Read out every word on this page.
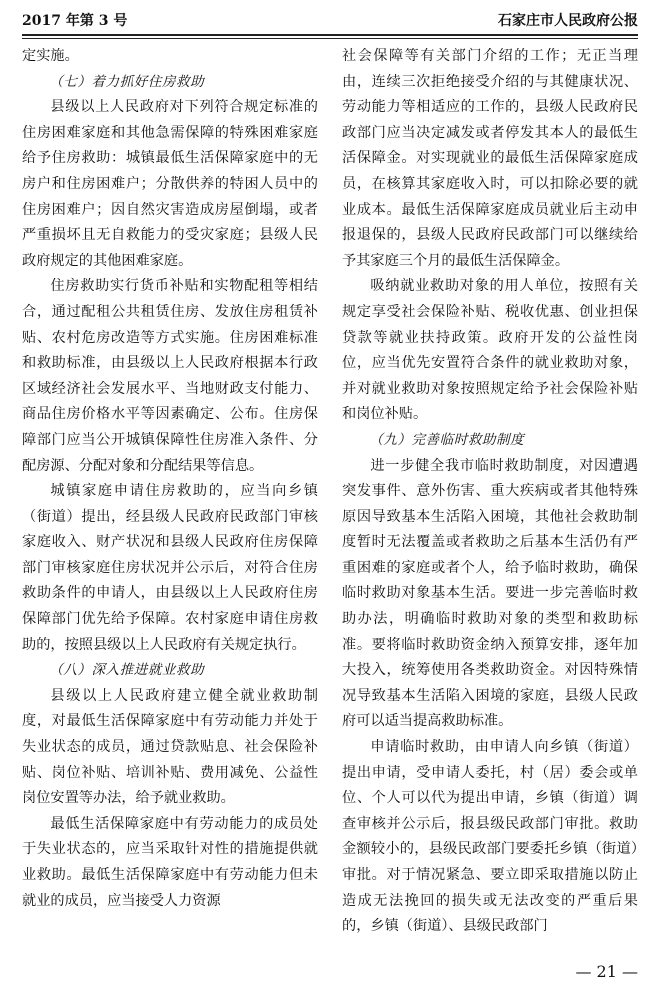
2017 年第 3 号	石家庄市人民政府公报

定实施。

（七）着力抓好住房救助

县级以上人民政府对下列符合规定标准的住房困难家庭和其他急需保障的特殊困难家庭给予住房救助：城镇最低生活保障家庭中的无房户和住房困难户；分散供养的特困人员中的住房困难户；因自然灾害造成房屋倒塌，或者严重损坏且无自救能力的受灾家庭；县级人民政府规定的其他困难家庭。

住房救助实行货币补贴和实物配租等相结合，通过配租公共租赁住房、发放住房租赁补贴、农村危房改造等方式实施。住房困难标准和救助标准，由县级以上人民政府根据本行政区域经济社会发展水平、当地财政支付能力、商品住房价格水平等因素确定、公布。住房保障部门应当公开城镇保障性住房准入条件、分配房源、分配对象和分配结果等信息。

城镇家庭申请住房救助的，应当向乡镇（街道）提出，经县级人民政府民政部门审核家庭收入、财产状况和县级人民政府住房保障部门审核家庭住房状况并公示后，对符合住房救助条件的申请人，由县级以上人民政府住房保障部门优先给予保障。农村家庭申请住房救助的，按照县级以上人民政府有关规定执行。

（八）深入推进就业救助

县级以上人民政府建立健全就业救助制度，对最低生活保障家庭中有劳动能力并处于失业状态的成员，通过贷款贴息、社会保险补贴、岗位补贴、培训补贴、费用减免、公益性岗位安置等办法，给予就业救助。

最低生活保障家庭中有劳动能力的成员处于失业状态的，应当采取针对性的措施提供就业救助。最低生活保障家庭中有劳动能力但未就业的成员，应当接受人力资源

社会保障等有关部门介绍的工作；无正当理由，连续三次拒绝接受介绍的与其健康状况、劳动能力等相适应的工作的，县级人民政府民政部门应当决定减发或者停发其本人的最低生活保障金。对实现就业的最低生活保障家庭成员，在核算其家庭收入时，可以扣除必要的就业成本。最低生活保障家庭成员就业后主动申报退保的，县级人民政府民政部门可以继续给予其家庭三个月的最低生活保障金。

吸纳就业救助对象的用人单位，按照有关规定享受社会保险补贴、税收优惠、创业担保贷款等就业扶持政策。政府开发的公益性岗位，应当优先安置符合条件的就业救助对象，并对就业救助对象按照规定给予社会保险补贴和岗位补贴。

（九）完善临时救助制度

进一步健全我市临时救助制度，对因遭遇突发事件、意外伤害、重大疾病或者其他特殊原因导致基本生活陷入困境，其他社会救助制度暂时无法覆盖或者救助之后基本生活仍有严重困难的家庭或者个人，给予临时救助，确保临时救助对象基本生活。要进一步完善临时救助办法，明确临时救助对象的类型和救助标准。要将临时救助资金纳入预算安排，逐年加大投入，统筹使用各类救助资金。对因特殊情况导致基本生活陷入困境的家庭，县级人民政府可以适当提高救助标准。

申请临时救助，由申请人向乡镇（街道）提出申请，受申请人委托，村（居）委会或单位、个人可以代为提出申请，乡镇（街道）调查审核并公示后，报县级民政部门审批。救助金额较小的，县级民政部门要委托乡镇（街道）审批。对于情况紧急、要立即采取措施以防止造成无法挽回的损失或无法改变的严重后果的，乡镇（街道）、县级民政部门

— 21 —
